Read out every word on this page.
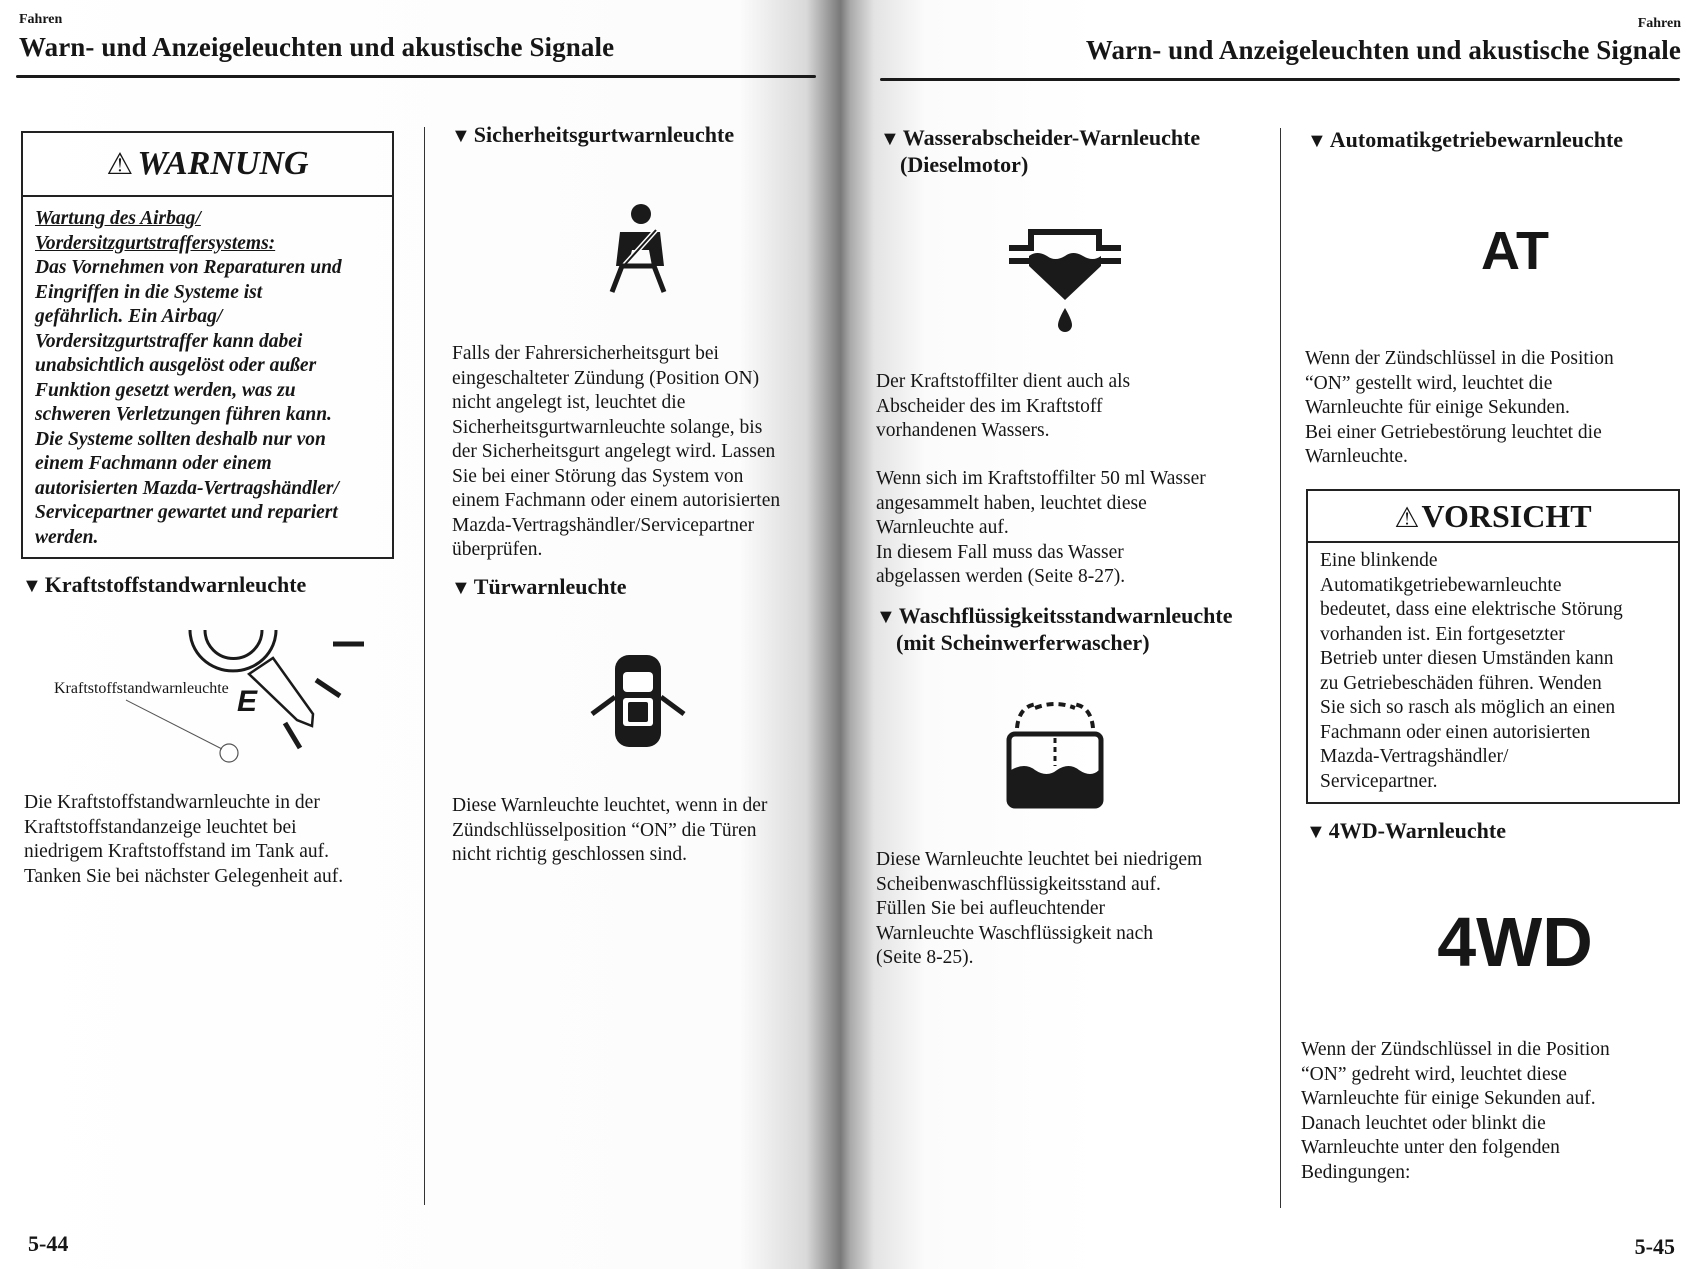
Fahren
Warn- und Anzeigeleuchten und akustische Signale
⚠ WARNUNG
Wartung des Airbag/
Vordersitzgurtstraffersystems:
Das Vornehmen von Reparaturen und
Eingriffen in die Systeme ist
gefährlich. Ein Airbag/
Vordersitzgurtstraffer kann dabei
unabsichtlich ausgelöst oder außer
Funktion gesetzt werden, was zu
schweren Verletzungen führen kann.
Die Systeme sollten deshalb nur von
einem Fachmann oder einem
autorisierten Mazda-Vertragshändler/
Servicepartner gewartet und repariert
werden.
▼ Kraftstoffstandwarnleuchte
E
Kraftstoffstandwarnleuchte
Die Kraftstoffstandwarnleuchte in der
Kraftstoffstandanzeige leuchtet bei
niedrigem Kraftstoffstand im Tank auf.
Tanken Sie bei nächster Gelegenheit auf.
▼ Sicherheitsgurtwarnleuchte
Falls der Fahrersicherheitsgurt bei
eingeschalteter Zündung (Position ON)
nicht angelegt ist, leuchtet die
Sicherheitsgurtwarnleuchte solange, bis
der Sicherheitsgurt angelegt wird. Lassen
Sie bei einer Störung das System von
einem Fachmann oder einem autorisierten
Mazda-Vertragshändler/Servicepartner
überprüfen.
▼ Türwarnleuchte
Diese Warnleuchte leuchtet, wenn in der
Zündschlüsselposition “ON” die Türen
nicht richtig geschlossen sind.
5-44
Fahren
Warn- und Anzeigeleuchten und akustische Signale
▼ Wasserabscheider-Warnleuchte
(Dieselmotor)
Der Kraftstoffilter dient auch als
Abscheider des im Kraftstoff
vorhandenen Wassers.
Wenn sich im Kraftstoffilter 50 ml Wasser
angesammelt haben, leuchtet diese
Warnleuchte auf.
In diesem Fall muss das Wasser
abgelassen werden (Seite 8-27).
▼ Waschflüssigkeitsstandwarnleuchte
(mit Scheinwerferwascher)
Diese Warnleuchte leuchtet bei niedrigem
Scheibenwaschflüssigkeitsstand auf.
Füllen Sie bei aufleuchtender
Warnleuchte Waschflüssigkeit nach
(Seite 8-25).
▼ Automatikgetriebewarnleuchte
AT
Wenn der Zündschlüssel in die Position
“ON” gestellt wird, leuchtet die
Warnleuchte für einige Sekunden.
Bei einer Getriebestörung leuchtet die
Warnleuchte.
⚠VORSICHT
Eine blinkende
Automatikgetriebewarnleuchte
bedeutet, dass eine elektrische Störung
vorhanden ist. Ein fortgesetzter
Betrieb unter diesen Umständen kann
zu Getriebeschäden führen. Wenden
Sie sich so rasch als möglich an einen
Fachmann oder einen autorisierten
Mazda-Vertragshändler/
Servicepartner.
▼ 4WD-Warnleuchte
4WD
Wenn der Zündschlüssel in die Position
“ON” gedreht wird, leuchtet diese
Warnleuchte für einige Sekunden auf.
Danach leuchtet oder blinkt die
Warnleuchte unter den folgenden
Bedingungen:
5-45
